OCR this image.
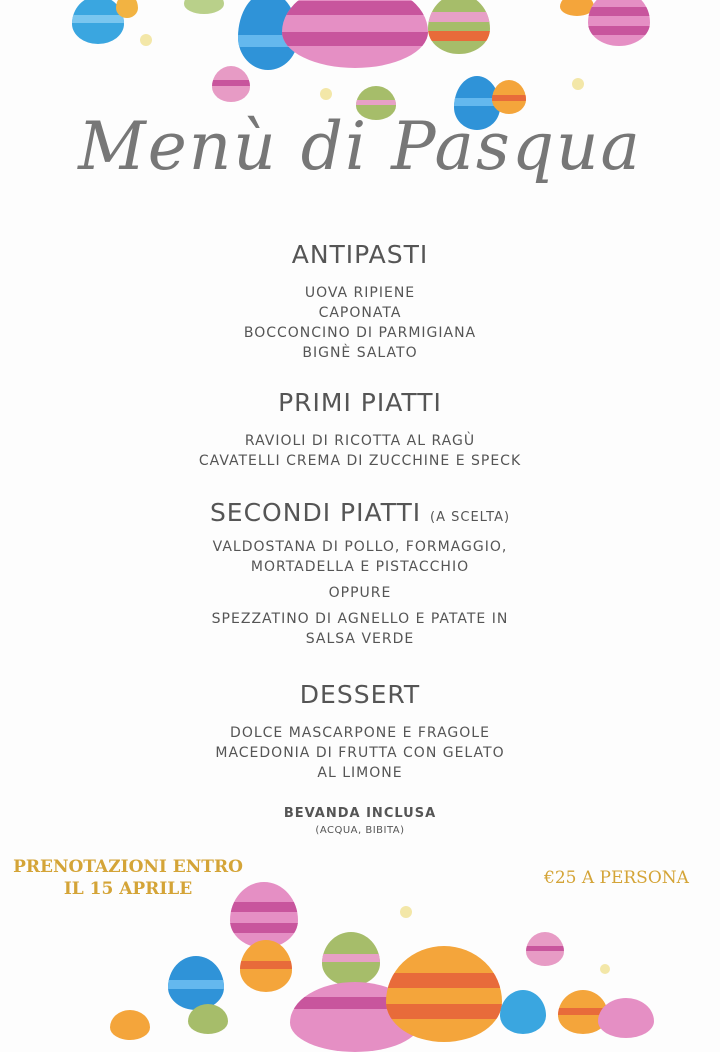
Menù di Pasqua
ANTIPASTI
UOVA RIPIENE
CAPONATA
BOCCONCINO DI PARMIGIANA
BIGNÈ SALATO
PRIMI PIATTI
RAVIOLI DI RICOTTA AL RAGÙ
CAVATELLI CREMA DI ZUCCHINE E SPECK
SECONDI PIATTI (A SCELTA)
VALDOSTANA DI POLLO, FORMAGGIO,
MORTADELLA E PISTACCHIO
OPPURE
SPEZZATINO DI AGNELLO E PATATE IN
SALSA VERDE
DESSERT
DOLCE MASCARPONE E FRAGOLE
MACEDONIA DI FRUTTA CON GELATO
AL LIMONE
BEVANDA INCLUSA
(ACQUA, BIBITA)
PRENOTAZIONI ENTRO
IL 15 APRILE
€25 A PERSONA
